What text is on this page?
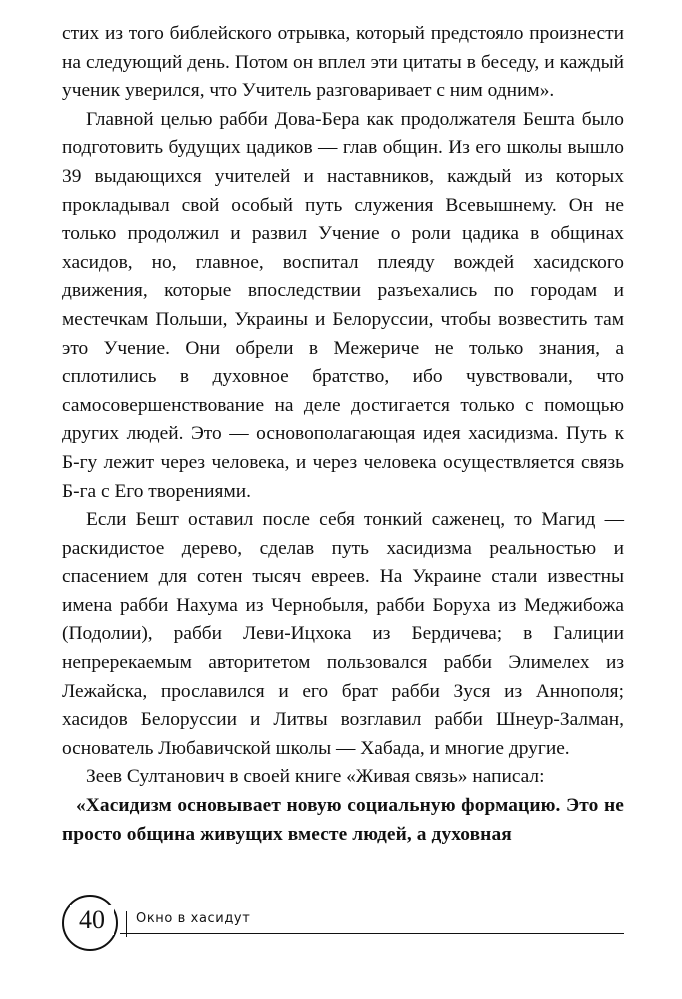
стих из того библейского отрывка, который предстояло произнести на следующий день. Потом он вплел эти цитаты в беседу, и каждый ученик уверился, что Учитель разговаривает с ним одним».

Главной целью рабби Дова-Бера как продолжателя Бешта было подготовить будущих цадиков — глав общин. Из его школы вышло 39 выдающихся учителей и наставников, каждый из которых прокладывал свой особый путь служения Всевышнему. Он не только продолжил и развил Учение о роли цадика в общинах хасидов, но, главное, воспитал плеяду вождей хасидского движения, которые впоследствии разъехались по городам и местечкам Польши, Украины и Белоруссии, чтобы возвестить там это Учение. Они обрели в Межериче не только знания, а сплотились в духовное братство, ибо чувствовали, что самосовершенствование на деле достигается только с помощью других людей. Это — основополагающая идея хасидизма. Путь к Б-гу лежит через человека, и через человека осуществляется связь Б-га с Его творениями.

Если Бешт оставил после себя тонкий саженец, то Магид — раскидистое дерево, сделав путь хасидизма реальностью и спасением для сотен тысяч евреев. На Украине стали известны имена рабби Нахума из Чернобыля, рабби Боруха из Меджибожа (Подолии), рабби Леви-Ицхока из Бердичева; в Галиции непререкаемым авторитетом пользовался рабби Элимелех из Лежайска, прославился и его брат рабби Зуся из Аннополя; хасидов Белоруссии и Литвы возглавил рабби Шнеур-Залман, основатель Любавичской школы — Хабада, и многие другие.

Зеев Султанович в своей книге «Живая связь» написал:

«Хасидизм основывает новую социальную формацию. Это не просто община живущих вместе людей, а духовная

40	Окно в хасидут
